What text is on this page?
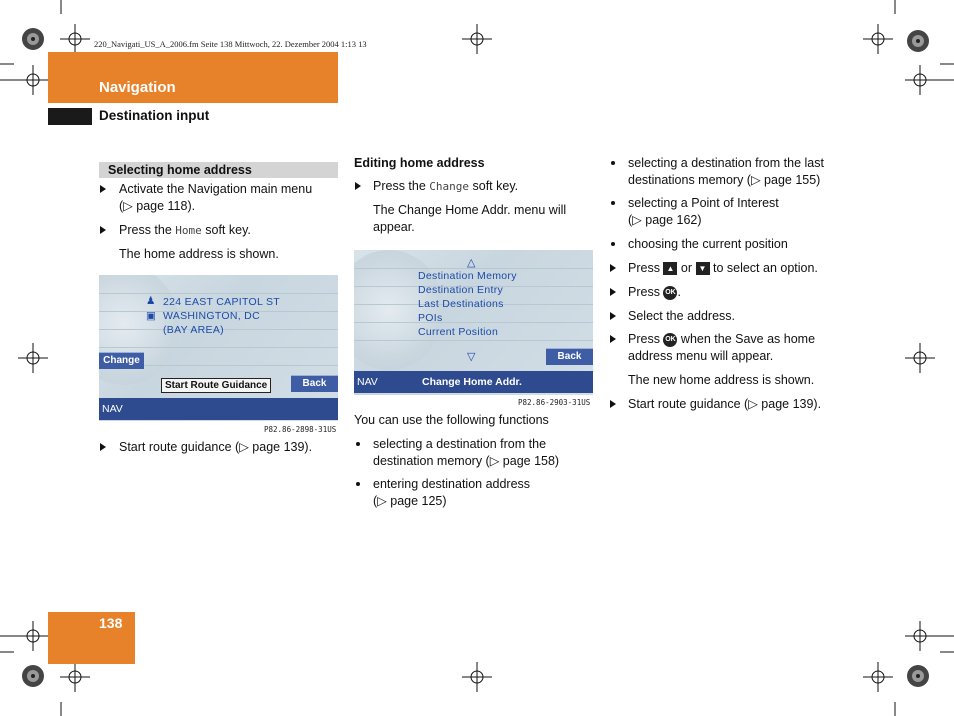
220_Navigati_US_A_2006.fm Seite 138 Mittwoch, 22. Dezember 2004 1:13 13
Navigation
Destination input
Selecting home address
Activate the Navigation main menu
(▷ page 118).
Press the Home soft key.
The home address is shown.
♟ 224 EAST CAPITOL ST
▣ WASHINGTON, DC
(BAY AREA)
Change
Start Route Guidance	Back
NAV
P82.86-2898-31US
Start route guidance (▷ page 139).
Editing home address
Press the Change soft key.
The Change Home Addr. menu will
appear.
△
Destination Memory
Destination Entry
Last Destinations
POIs
Current Position
▽	Back
NAV	Change Home Addr.
P82.86-2903-31US
You can use the following functions
selecting a destination from the
destination memory (▷ page 158)
entering destination address
(▷ page 125)
selecting a destination from the last
destinations memory (▷ page 155)
selecting a Point of Interest
(▷ page 162)
choosing the current position
Press ▲ or ▼ to select an option.
Press OK .
Select the address.
Press OK when the Save as home
address menu will appear.
The new home address is shown.
Start route guidance (▷ page 139).
138
